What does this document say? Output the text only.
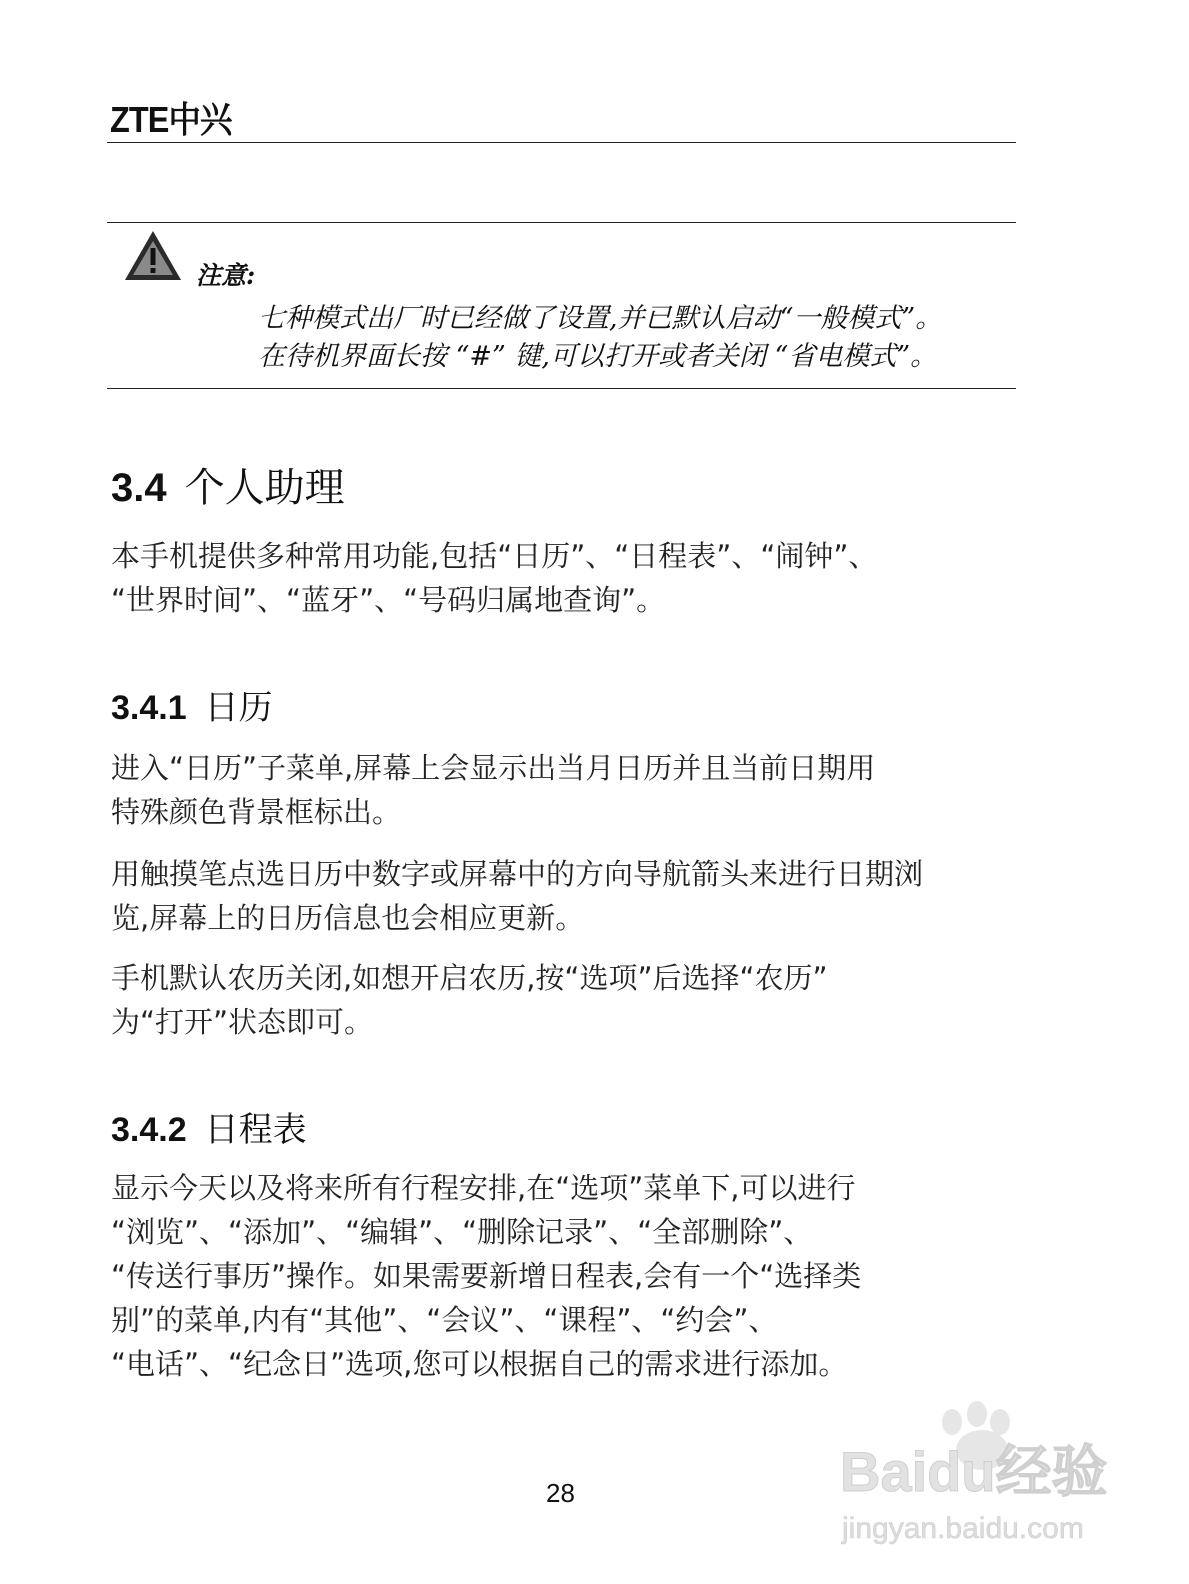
ZTE中兴
注意:
七种模式出厂时已经做了设置,并已默认启动“一般模式”。
在待机界面长按 “#” 键,可以打开或者关闭 “省电模式”。
3.4 个人助理
本手机提供多种常用功能,包括“日历”、“日程表”、“闹钟”、
“世界时间”、“蓝牙”、“号码归属地查询”。
3.4.1 日历
进入“日历”子菜单,屏幕上会显示出当月日历并且当前日期用
特殊颜色背景框标出。
用触摸笔点选日历中数字或屏幕中的方向导航箭头来进行日期浏
览,屏幕上的日历信息也会相应更新。
手机默认农历关闭,如想开启农历,按“选项”后选择“农历”
为“打开”状态即可。
3.4.2 日程表
显示今天以及将来所有行程安排,在“选项”菜单下,可以进行
“浏览”、“添加”、“编辑”、“删除记录”、“全部删除”、
“传送行事历”操作。如果需要新增日程表,会有一个“选择类
别”的菜单,内有“其他”、“会议”、“课程”、“约会”、
“电话”、“纪念日”选项,您可以根据自己的需求进行添加。
28	Baidu经验
jingyan.baidu.com
